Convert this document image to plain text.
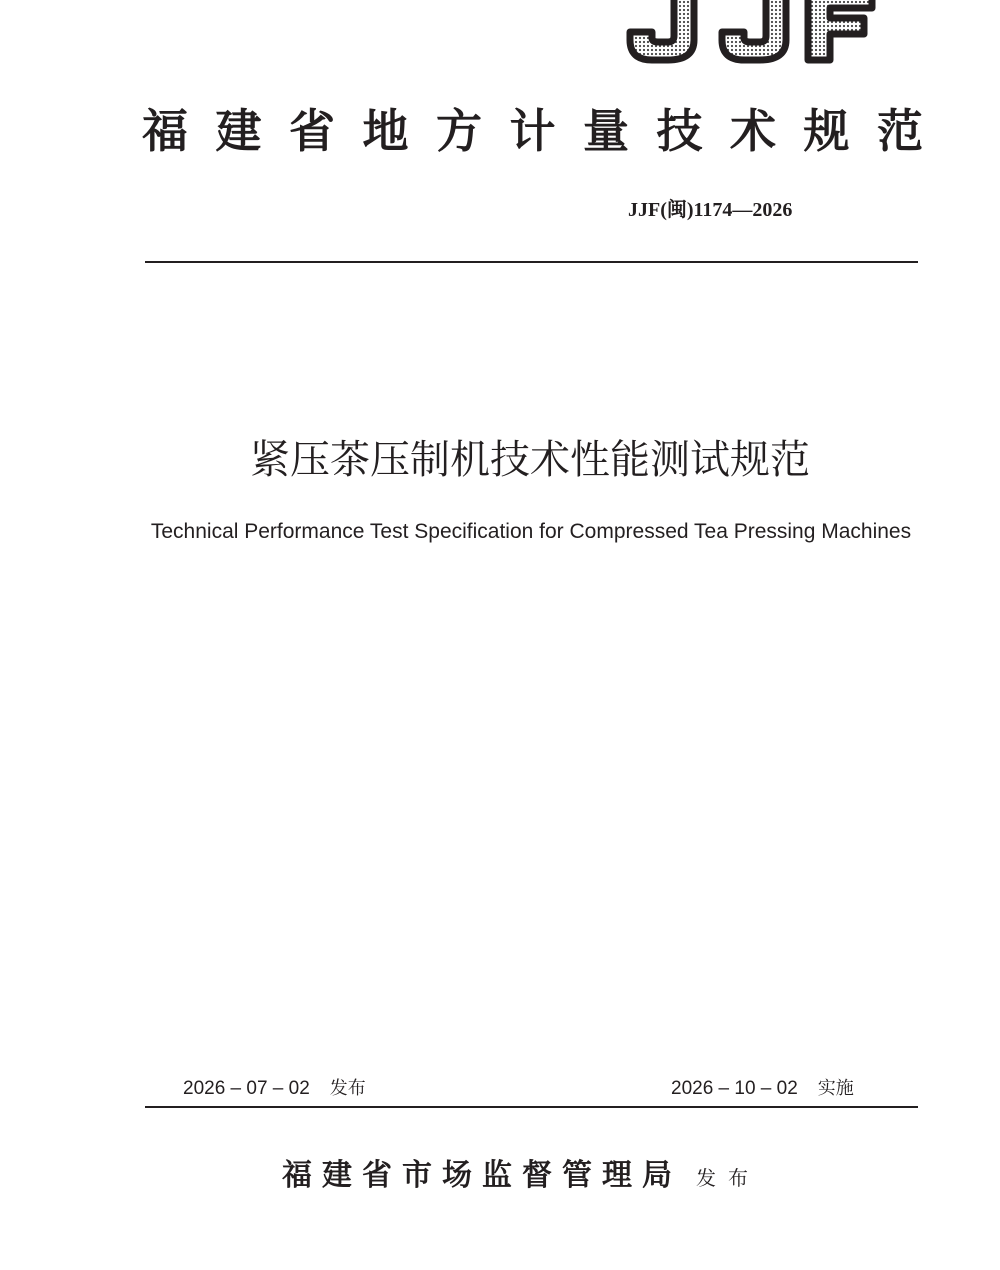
福建省地方计量技术规范
JJF(闽)1174—2026
紧压茶压制机技术性能测试规范
Technical Performance Test Specification for Compressed Tea Pressing Machines
2026 – 07 – 02 发布	2026 – 10 – 02 实施
福建省市场监督管理局 发布
